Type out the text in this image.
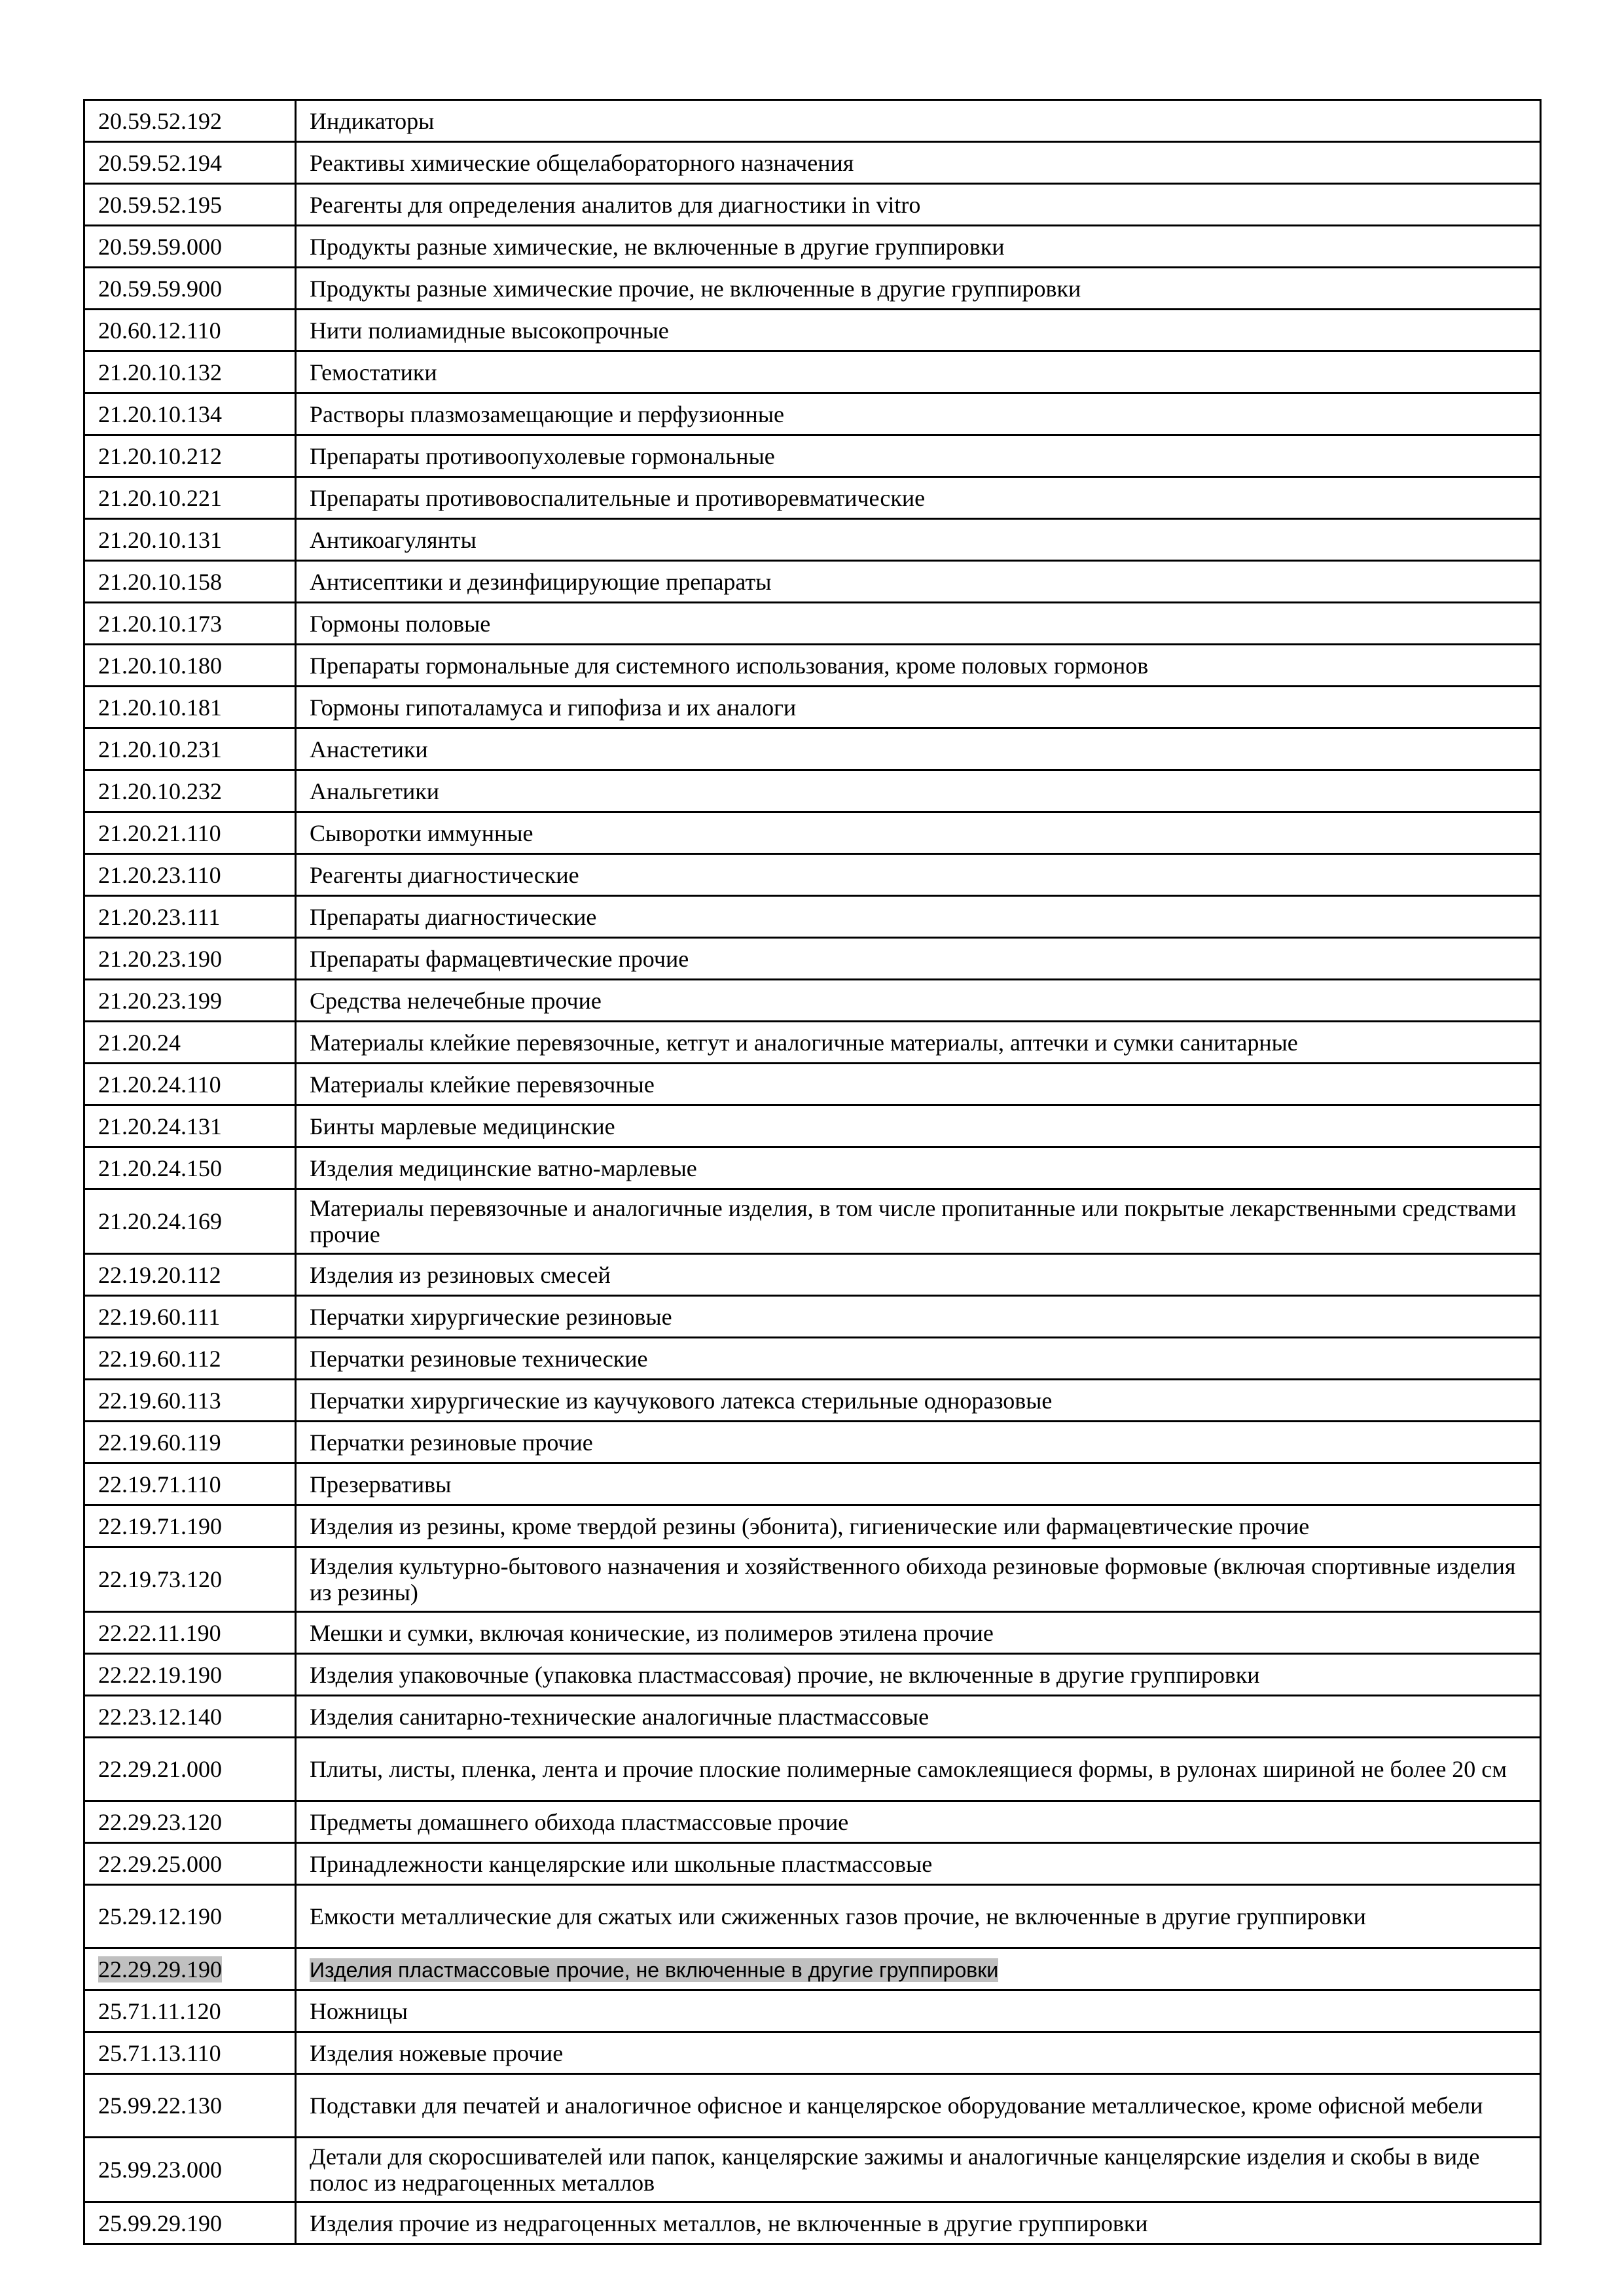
20.59.52.192	Индикаторы
20.59.52.194	Реактивы химические общелабораторного назначения
20.59.52.195	Реагенты для определения аналитов для диагностики in vitro
20.59.59.000	Продукты разные химические, не включенные в другие группировки
20.59.59.900	Продукты разные химические прочие, не включенные в другие группировки
20.60.12.110	Нити полиамидные высокопрочные
21.20.10.132	Гемостатики
21.20.10.134	Растворы плазмозамещающие и перфузионные
21.20.10.212	Препараты противоопухолевые гормональные
21.20.10.221	Препараты противовоспалительные и противоревматические
21.20.10.131	Антикоагулянты
21.20.10.158	Антисептики и дезинфицирующие препараты
21.20.10.173	Гормоны половые
21.20.10.180	Препараты гормональные для системного использования, кроме половых гормонов
21.20.10.181	Гормоны гипоталамуса и гипофиза и их аналоги
21.20.10.231	Анастетики
21.20.10.232	Анальгетики
21.20.21.110	Сыворотки иммунные
21.20.23.110	Реагенты диагностические
21.20.23.111	Препараты диагностические
21.20.23.190	Препараты фармацевтические прочие
21.20.23.199	Средства нелечебные прочие
21.20.24	Материалы клейкие перевязочные, кетгут и аналогичные материалы, аптечки и сумки санитарные
21.20.24.110	Материалы клейкие перевязочные
21.20.24.131	Бинты марлевые медицинские
21.20.24.150	Изделия медицинские ватно-марлевые
21.20.24.169	Материалы перевязочные и аналогичные изделия, в том числе пропитанные или покрытые лекарственными средствами прочие
22.19.20.112	Изделия из резиновых смесей
22.19.60.111	Перчатки хирургические резиновые
22.19.60.112	Перчатки резиновые технические
22.19.60.113	Перчатки хирургические из каучукового латекса стерильные одноразовые
22.19.60.119	Перчатки резиновые прочие
22.19.71.110	Презервативы
22.19.71.190	Изделия из резины, кроме твердой резины (эбонита), гигиенические или фармацевтические прочие
22.19.73.120	Изделия культурно-бытового назначения и хозяйственного обихода резиновые формовые (включая спортивные изделия из резины)
22.22.11.190	Мешки и сумки, включая конические, из полимеров этилена прочие
22.22.19.190	Изделия упаковочные (упаковка пластмассовая) прочие, не включенные в другие группировки
22.23.12.140	Изделия санитарно-технические аналогичные пластмассовые
22.29.21.000	Плиты, листы, пленка, лента и прочие плоские полимерные самоклеящиеся формы, в рулонах шириной не более 20 см
22.29.23.120	Предметы домашнего обихода пластмассовые прочие
22.29.25.000	Принадлежности канцелярские или школьные пластмассовые
25.29.12.190	Емкости металлические для сжатых или сжиженных газов прочие, не включенные в другие группировки
22.29.29.190	Изделия пластмассовые прочие, не включенные в другие группировки
25.71.11.120	Ножницы
25.71.13.110	Изделия ножевые прочие
25.99.22.130	Подставки для печатей и аналогичное офисное и канцелярское оборудование металлическое, кроме офисной мебели
25.99.23.000	Детали для скоросшивателей или папок, канцелярские зажимы и аналогичные канцелярские изделия и скобы в виде полос из недрагоценных металлов
25.99.29.190	Изделия прочие из недрагоценных металлов, не включенные в другие группировки
